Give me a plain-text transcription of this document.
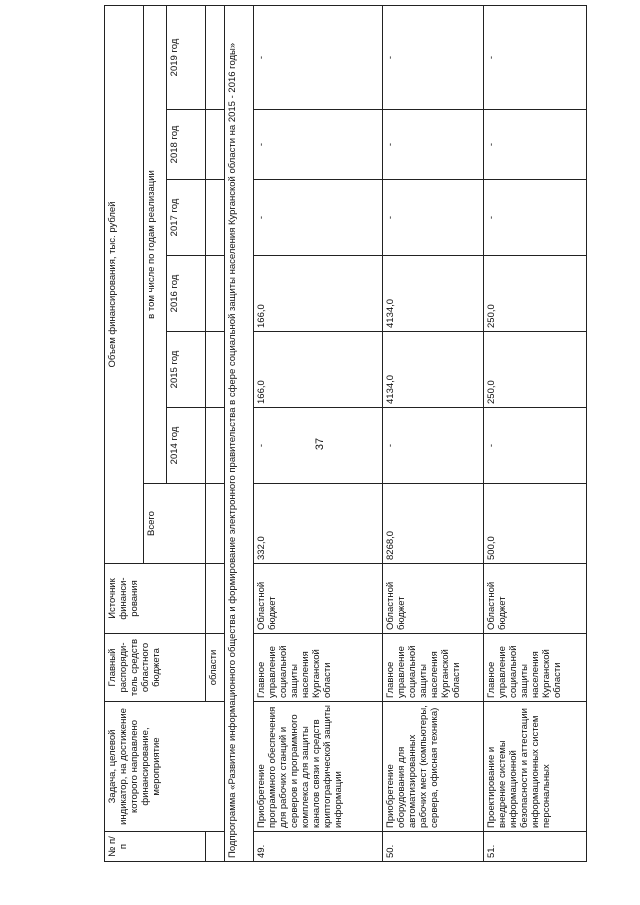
37
№ п/п	Задача, целевой индикатор, на достижение которого направлено финансирование, мероприятие	Главный распоряди-тель средств областного бюджета	Источник финанси-рования	Объем финансирования, тыс. рублей						
				Всего	в том числе по годам реализации					
					2014 год	2015 год	2016 год	2017 год	2018 год	2019 год
		области								
Подпрограмма «Развитие информационного общества и формирование электронного правительства в сфере социальной защиты населения Курганской области на 2015 - 2016 годы»										
49.	Приобретение программного обеспечения для рабочих станций и серверов и программного комплекса для защиты каналов связи и средств криптографической защиты информации	Главное управление социальной защиты населения Курганской области	Областной бюджет	332,0	-	166,0	166,0	-	-	-
50.	Приобретение оборудования для автоматизированных рабочих мест (компьютеры, сервера, офисная техника)	Главное управление социальной защиты населения Курганской области	Областной бюджет	8268,0	-	4134,0	4134,0	-	-	-
51.	Проектирование и внедрение системы информационной безопасности и аттестации информационных систем персональных	Главное управление социальной защиты населения Курганской области	Областной бюджет	500,0	-	250,0	250,0	-	-	-
